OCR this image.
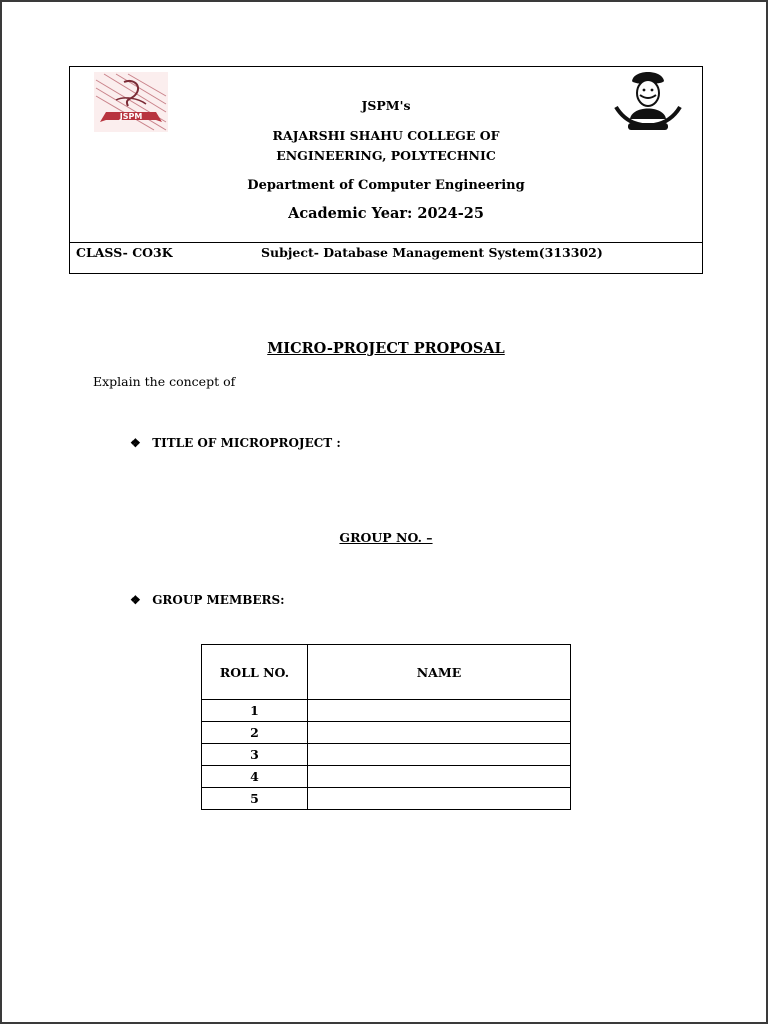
JSPM
JSPM's
RAJARSHI SHAHU COLLEGE OF
ENGINEERING, POLYTECHNIC
Department of Computer Engineering
Academic Year: 2024-25
CLASS- CO3K	Subject- Database Management System(313302)
MICRO-PROJECT PROPOSAL
Explain the concept of
❖ TITLE OF MICROPROJECT :
GROUP NO. –
❖ GROUP MEMBERS:
ROLL NO.	NAME
1	
2	
3	
4	
5	
